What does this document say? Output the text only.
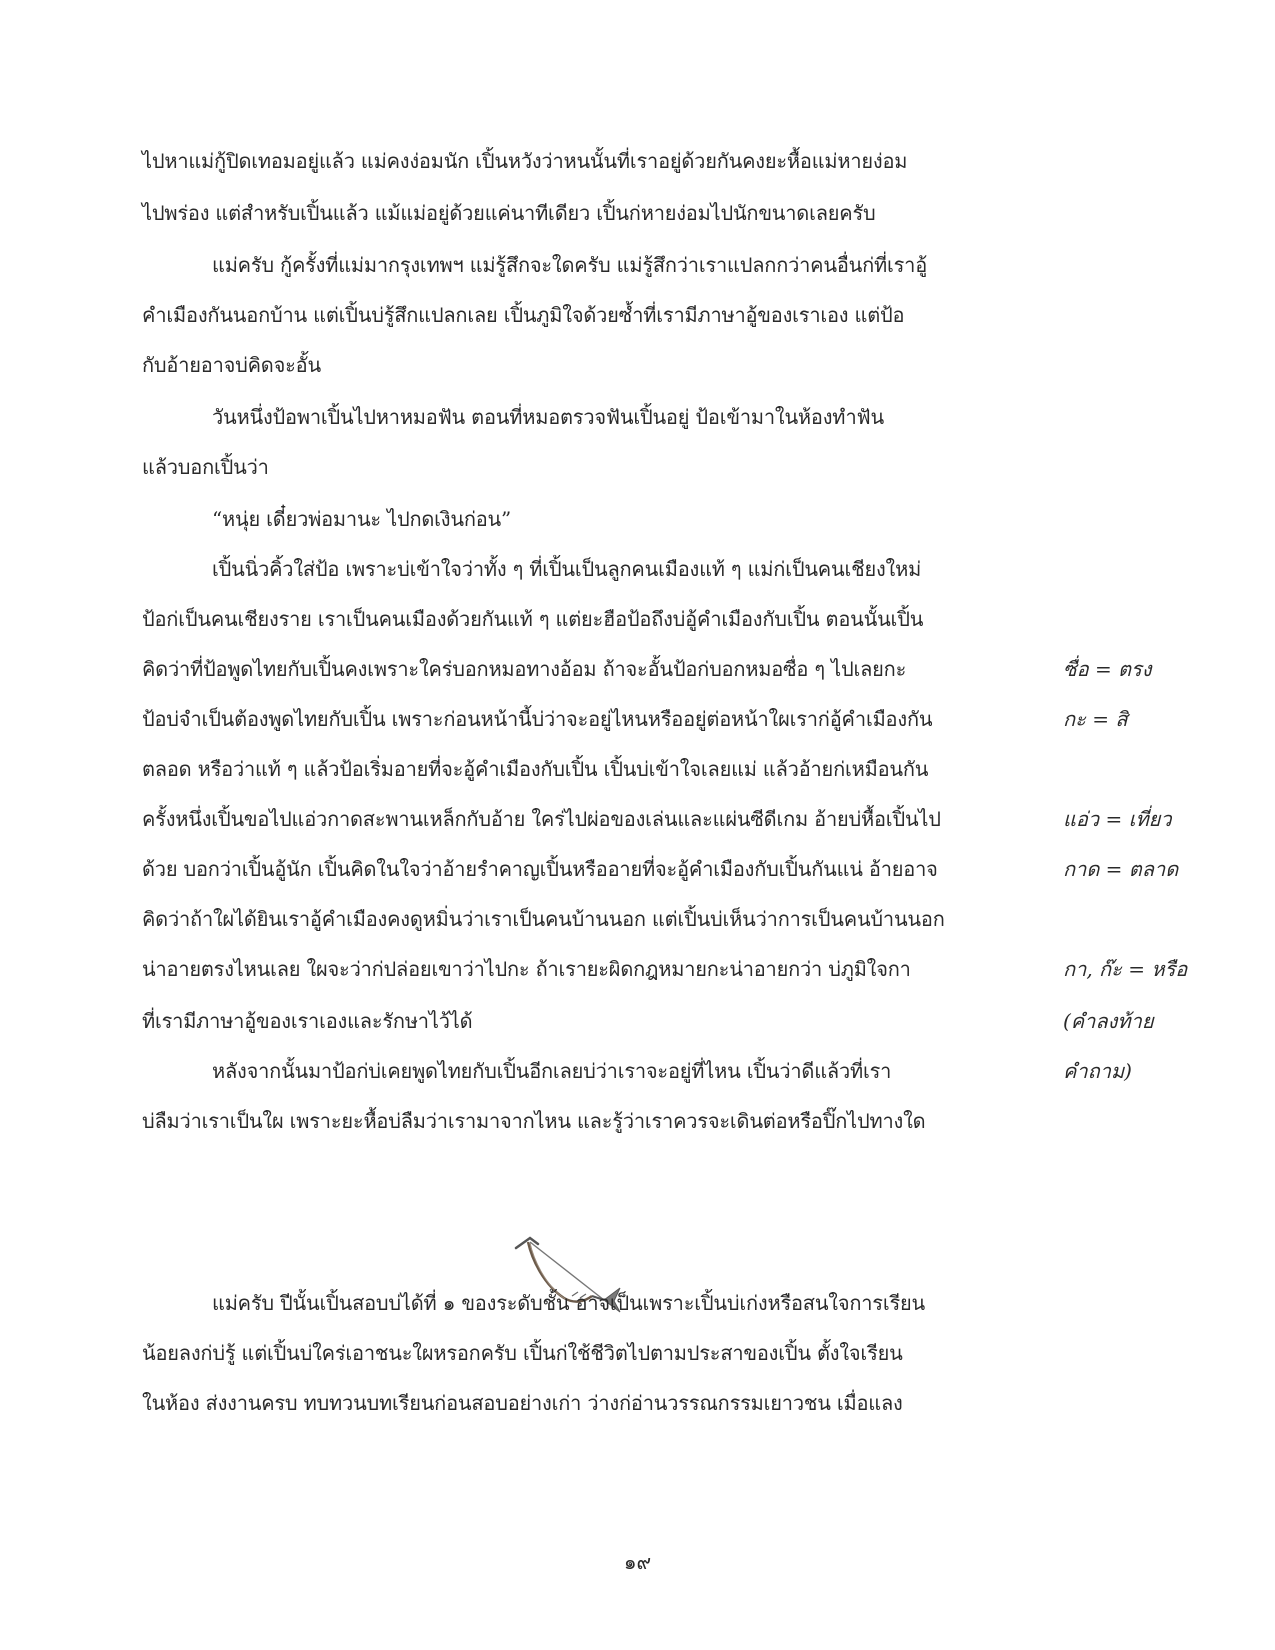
ไปหาแม่กู้ปิดเทอมอยู่แล้ว แม่คงง่อมนัก เปิ้นหวังว่าหนนั้นที่เราอยู่ด้วยกันคงยะหื้อแม่หายง่อม
ไปพร่อง แต่สำหรับเปิ้นแล้ว แม้แม่อยู่ด้วยแค่นาทีเดียว เปิ้นก่หายง่อมไปนักขนาดเลยครับ
แม่ครับ กู้ครั้งที่แม่มากรุงเทพฯ แม่รู้สึกจะใดครับ แม่รู้สึกว่าเราแปลกกว่าคนอื่นก่ที่เราอู้
คำเมืองกันนอกบ้าน แต่เปิ้นบ่รู้สึกแปลกเลย เปิ้นภูมิใจด้วยซ้ำที่เรามีภาษาอู้ของเราเอง แต่ป้อ
กับอ้ายอาจบ่คิดจะอั้น
วันหนึ่งป้อพาเปิ้นไปหาหมอฟัน ตอนที่หมอตรวจฟันเปิ้นอยู่ ป้อเข้ามาในห้องทำฟัน
แล้วบอกเปิ้นว่า
“หนุ่ย เดี๋ยวพ่อมานะ ไปกดเงินก่อน”
เปิ้นนิ่วคิ้วใส่ป้อ เพราะบ่เข้าใจว่าทั้ง ๆ ที่เปิ้นเป็นลูกคนเมืองแท้ ๆ แม่ก่เป็นคนเชียงใหม่
ป้อก่เป็นคนเชียงราย เราเป็นคนเมืองด้วยกันแท้ ๆ แต่ยะฮือป้อถึงบ่อู้คำเมืองกับเปิ้น ตอนนั้นเปิ้น
คิดว่าที่ป้อพูดไทยกับเปิ้นคงเพราะใคร่บอกหมอทางอ้อม ถ้าจะอั้นป้อก่บอกหมอซื่อ ๆ ไปเลยกะ
ป้อบ่จำเป็นต้องพูดไทยกับเปิ้น เพราะก่อนหน้านี้บ่ว่าจะอยู่ไหนหรืออยู่ต่อหน้าใผเราก่อู้คำเมืองกัน
ตลอด หรือว่าแท้ ๆ แล้วป้อเริ่มอายที่จะอู้คำเมืองกับเปิ้น เปิ้นบ่เข้าใจเลยแม่ แล้วอ้ายก่เหมือนกัน
ครั้งหนึ่งเปิ้นขอไปแอ่วกาดสะพานเหล็กกับอ้าย ใคร่ไปผ่อของเล่นและแผ่นซีดีเกม อ้ายบ่หื้อเปิ้นไป
ด้วย บอกว่าเปิ้นอู้นัก เปิ้นคิดในใจว่าอ้ายรำคาญเปิ้นหรืออายที่จะอู้คำเมืองกับเปิ้นกันแน่ อ้ายอาจ
คิดว่าถ้าใผได้ยินเราอู้คำเมืองคงดูหมิ่นว่าเราเป็นคนบ้านนอก แต่เปิ้นบ่เห็นว่าการเป็นคนบ้านนอก
น่าอายตรงไหนเลย ใผจะว่าก่ปล่อยเขาว่าไปกะ ถ้าเรายะผิดกฎหมายกะน่าอายกว่า บ่ภูมิใจกา
ที่เรามีภาษาอู้ของเราเองและรักษาไว้ได้
หลังจากนั้นมาป้อก่บ่เคยพูดไทยกับเปิ้นอีกเลยบ่ว่าเราจะอยู่ที่ไหน เปิ้นว่าดีแล้วที่เรา
บ่ลืมว่าเราเป็นใผ เพราะยะหื้อบ่ลืมว่าเรามาจากไหน และรู้ว่าเราควรจะเดินต่อหรือปิ๊กไปทางใด
ซื่อ = ตรง
กะ = สิ
แอ่ว = เที่ยว
กาด = ตลาด
กา, ก๊ะ = หรือ
(คำลงท้าย
คำถาม)
แม่ครับ ปีนั้นเปิ้นสอบบ่ได้ที่ ๑ ของระดับชั้น อาจเป็นเพราะเปิ้นบ่เก่งหรือสนใจการเรียน
น้อยลงก่บ่รู้ แต่เปิ้นบ่ใคร่เอาชนะใผหรอกครับ เปิ้นก่ใช้ชีวิตไปตามประสาของเปิ้น ตั้งใจเรียน
ในห้อง ส่งงานครบ ทบทวนบทเรียนก่อนสอบอย่างเก่า ว่างก่อ่านวรรณกรรมเยาวชน เมื่อแลง
๑๙
